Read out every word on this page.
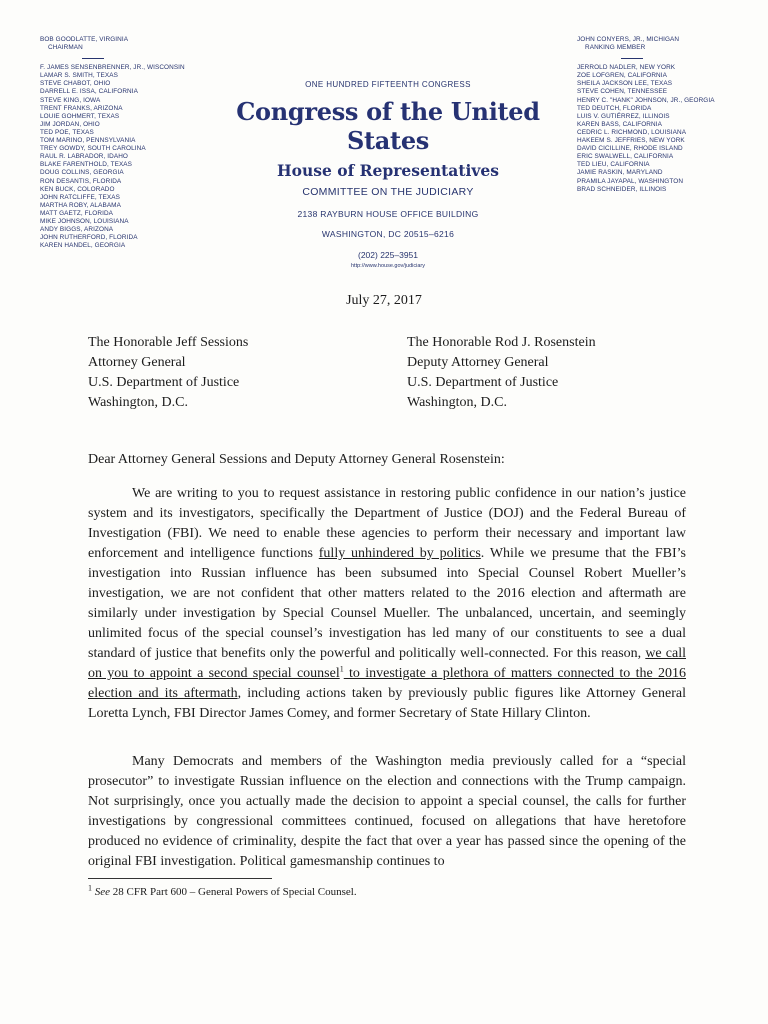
BOB GOODLATTE, VIRGINIA
CHAIRMAN
F. JAMES SENSENBRENNER, JR., WISCONSIN
LAMAR S. SMITH, TEXAS
STEVE CHABOT, OHIO
DARRELL E. ISSA, CALIFORNIA
STEVE KING, IOWA
TRENT FRANKS, ARIZONA
LOUIE GOHMERT, TEXAS
JIM JORDAN, OHIO
TED POE, TEXAS
TOM MARINO, PENNSYLVANIA
TREY GOWDY, SOUTH CAROLINA
RAUL R. LABRADOR, IDAHO
BLAKE FARENTHOLD, TEXAS
DOUG COLLINS, GEORGIA
RON DESANTIS, FLORIDA
KEN BUCK, COLORADO
JOHN RATCLIFFE, TEXAS
MARTHA ROBY, ALABAMA
MATT GAETZ, FLORIDA
MIKE JOHNSON, LOUISIANA
ANDY BIGGS, ARIZONA
JOHN RUTHERFORD, FLORIDA
KAREN HANDEL, GEORGIA
ONE HUNDRED FIFTEENTH CONGRESS
Congress of the United States
House of Representatives
COMMITTEE ON THE JUDICIARY
2138 RAYBURN HOUSE OFFICE BUILDING
WASHINGTON, DC 20515–6216
(202) 225–3951
http://www.house.gov/judiciary
JOHN CONYERS, JR., MICHIGAN
RANKING MEMBER
JERROLD NADLER, NEW YORK
ZOE LOFGREN, CALIFORNIA
SHEILA JACKSON LEE, TEXAS
STEVE COHEN, TENNESSEE
HENRY C. "HANK" JOHNSON, JR., GEORGIA
TED DEUTCH, FLORIDA
LUIS V. GUTIÉRREZ, ILLINOIS
KAREN BASS, CALIFORNIA
CEDRIC L. RICHMOND, LOUISIANA
HAKEEM S. JEFFRIES, NEW YORK
DAVID CICILLINE, RHODE ISLAND
ERIC SWALWELL, CALIFORNIA
TED LIEU, CALIFORNIA
JAMIE RASKIN, MARYLAND
PRAMILA JAYAPAL, WASHINGTON
BRAD SCHNEIDER, ILLINOIS
July 27, 2017
The Honorable Jeff Sessions
Attorney General
U.S. Department of Justice
Washington, D.C.
The Honorable Rod J. Rosenstein
Deputy Attorney General
U.S. Department of Justice
Washington, D.C.
Dear Attorney General Sessions and Deputy Attorney General Rosenstein:
We are writing to you to request assistance in restoring public confidence in our nation’s justice system and its investigators, specifically the Department of Justice (DOJ) and the Federal Bureau of Investigation (FBI). We need to enable these agencies to perform their necessary and important law enforcement and intelligence functions fully unhindered by politics. While we presume that the FBI’s investigation into Russian influence has been subsumed into Special Counsel Robert Mueller’s investigation, we are not confident that other matters related to the 2016 election and aftermath are similarly under investigation by Special Counsel Mueller. The unbalanced, uncertain, and seemingly unlimited focus of the special counsel’s investigation has led many of our constituents to see a dual standard of justice that benefits only the powerful and politically well-connected. For this reason, we call on you to appoint a second special counsel$^1$ to investigate a plethora of matters connected to the 2016 election and its aftermath, including actions taken by previously public figures like Attorney General Loretta Lynch, FBI Director James Comey, and former Secretary of State Hillary Clinton.
Many Democrats and members of the Washington media previously called for a “special prosecutor” to investigate Russian influence on the election and connections with the Trump campaign. Not surprisingly, once you actually made the decision to appoint a special counsel, the calls for further investigations by congressional committees continued, focused on allegations that have heretofore produced no evidence of criminality, despite the fact that over a year has passed since the opening of the original FBI investigation. Political gamesmanship continues to
$^1$ See 28 CFR Part 600 – General Powers of Special Counsel.
